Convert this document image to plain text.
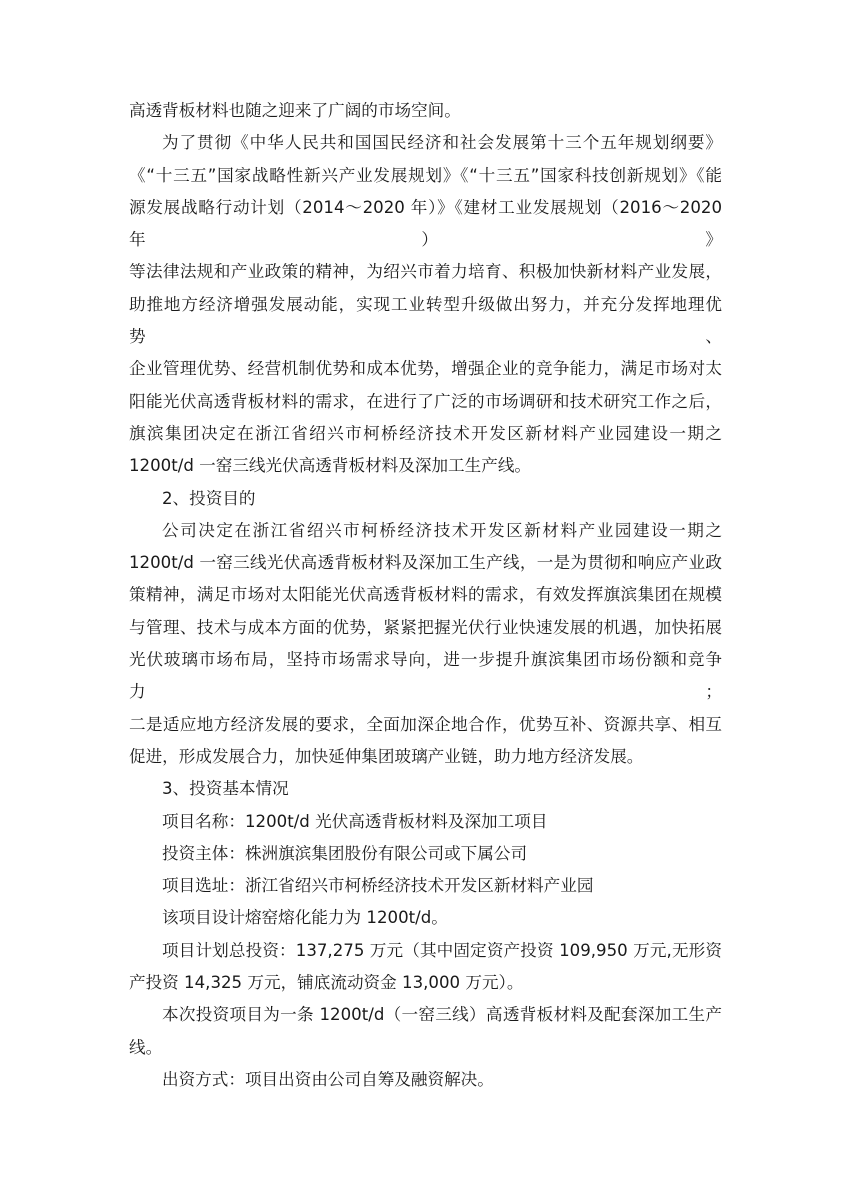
高透背板材料也随之迎来了广阔的市场空间。

为了贯彻《中华人民共和国国民经济和社会发展第十三个五年规划纲要》

《“十三五”国家战略性新兴产业发展规划》《“十三五”国家科技创新规划》《能

源发展战略行动计划（2014～2020 年）》《建材工业发展规划（2016～2020 年）》

等法律法规和产业政策的精神，为绍兴市着力培育、积极加快新材料产业发展，

助推地方经济增强发展动能，实现工业转型升级做出努力，并充分发挥地理优势、

企业管理优势、经营机制优势和成本优势，增强企业的竞争能力，满足市场对太

阳能光伏高透背板材料的需求，在进行了广泛的市场调研和技术研究工作之后，

旗滨集团决定在浙江省绍兴市柯桥经济技术开发区新材料产业园建设一期之

1200t/d 一窑三线光伏高透背板材料及深加工生产线。

2、投资目的

公司决定在浙江省绍兴市柯桥经济技术开发区新材料产业园建设一期之

1200t/d 一窑三线光伏高透背板材料及深加工生产线，一是为贯彻和响应产业政

策精神，满足市场对太阳能光伏高透背板材料的需求，有效发挥旗滨集团在规模

与管理、技术与成本方面的优势，紧紧把握光伏行业快速发展的机遇，加快拓展

光伏玻璃市场布局，坚持市场需求导向，进一步提升旗滨集团市场份额和竞争力；

二是适应地方经济发展的要求，全面加深企地合作，优势互补、资源共享、相互

促进，形成发展合力，加快延伸集团玻璃产业链，助力地方经济发展。

3、投资基本情况

项目名称：1200t/d 光伏高透背板材料及深加工项目

投资主体：株洲旗滨集团股份有限公司或下属公司

项目选址：浙江省绍兴市柯桥经济技术开发区新材料产业园

该项目设计熔窑熔化能力为 1200t/d。

项目计划总投资：137,275 万元（其中固定资产投资 109,950 万元,无形资

产投资 14,325 万元，铺底流动资金 13,000 万元）。

本次投资项目为一条 1200t/d（一窑三线）高透背板材料及配套深加工生产

线。

出资方式：项目出资由公司自筹及融资解决。
